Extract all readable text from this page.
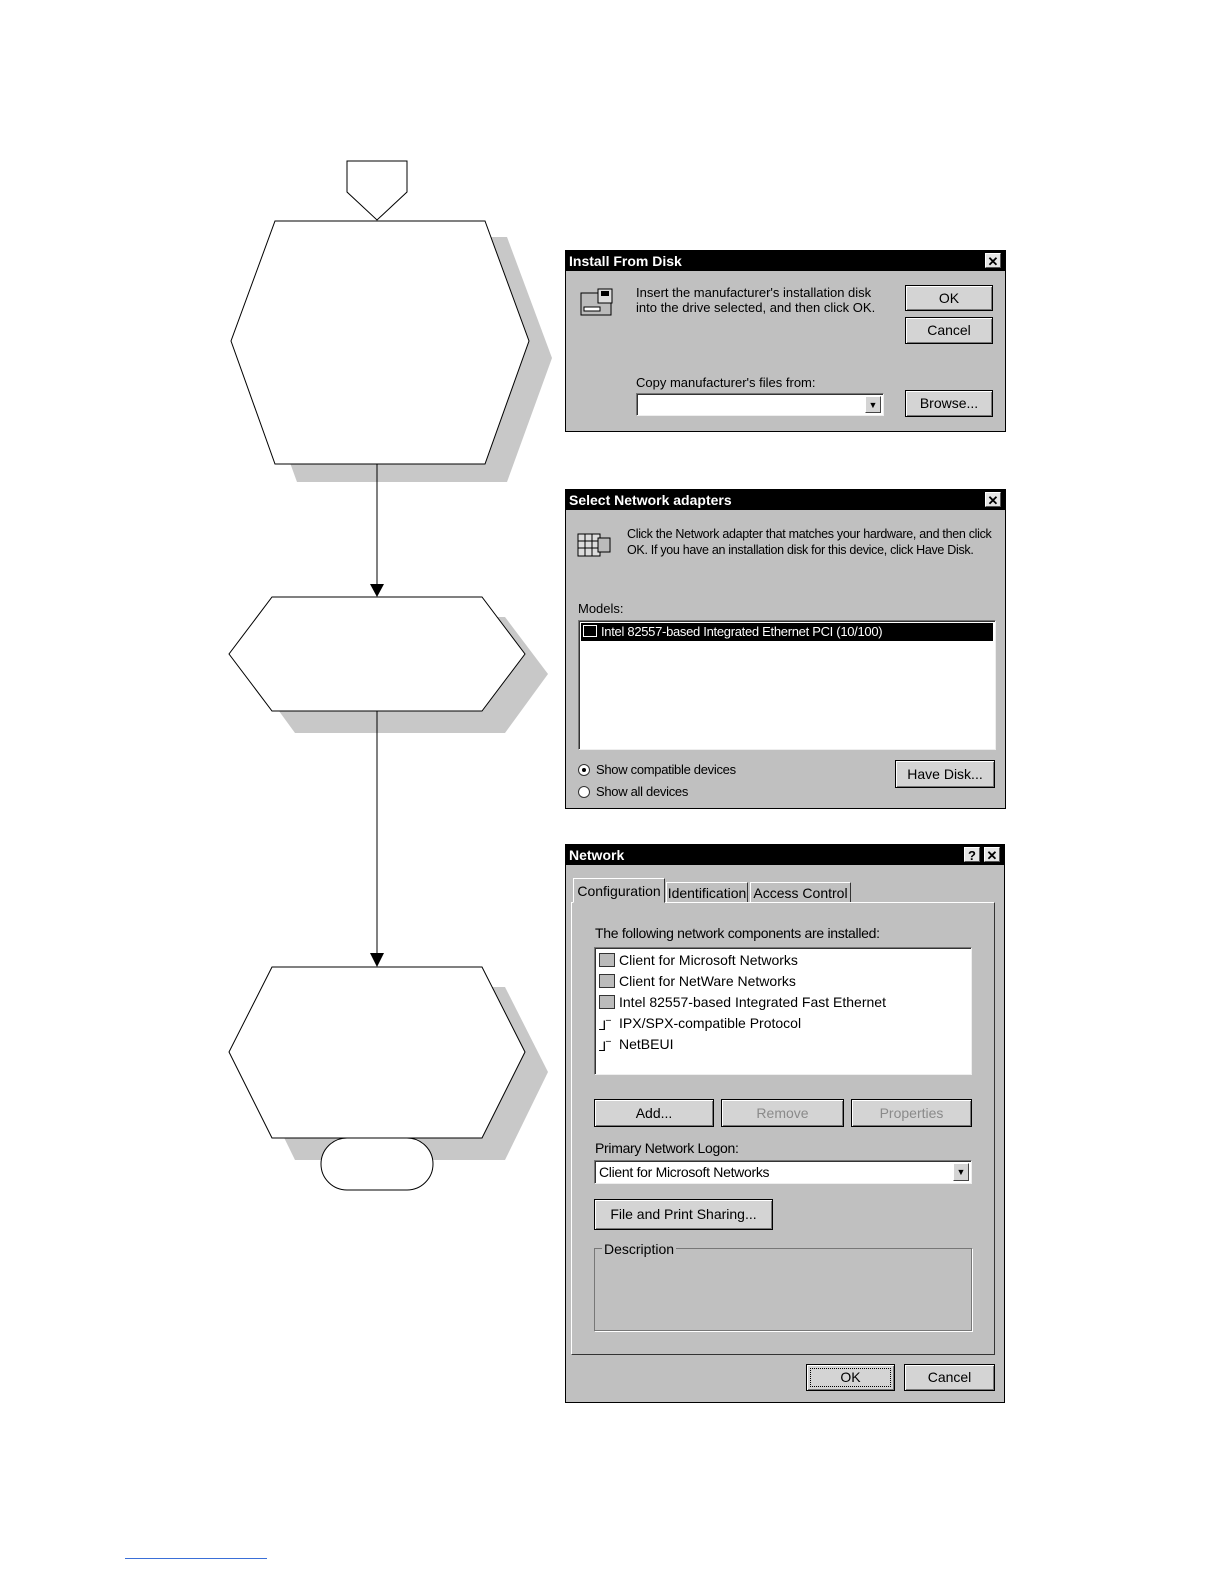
Install From Disk	✕
Insert the manufacturer's installation disk into the drive selected, and then click OK.
OK
Cancel
Copy manufacturer's files from:
▼	Browse...
Select Network adapters	✕
Click the Network adapter that matches your hardware, and then click OK. If you have an installation disk for this device, click Have Disk.
Models:
Intel 82557-based Integrated Ethernet PCI (10/100)
Show compatible devices
Show all devices
Have Disk...
Network	? ✕
Configuration Identification Access Control
The following network components are installed:
Client for Microsoft Networks
Client for NetWare Networks
Intel 82557-based Integrated Fast Ethernet
⅃‾ IPX/SPX-compatible Protocol
⅃‾ NetBEUI
Add...	Remove	Properties
Primary Network Logon:
Client for Microsoft Networks	▼
File and Print Sharing...
Description
OK	Cancel
